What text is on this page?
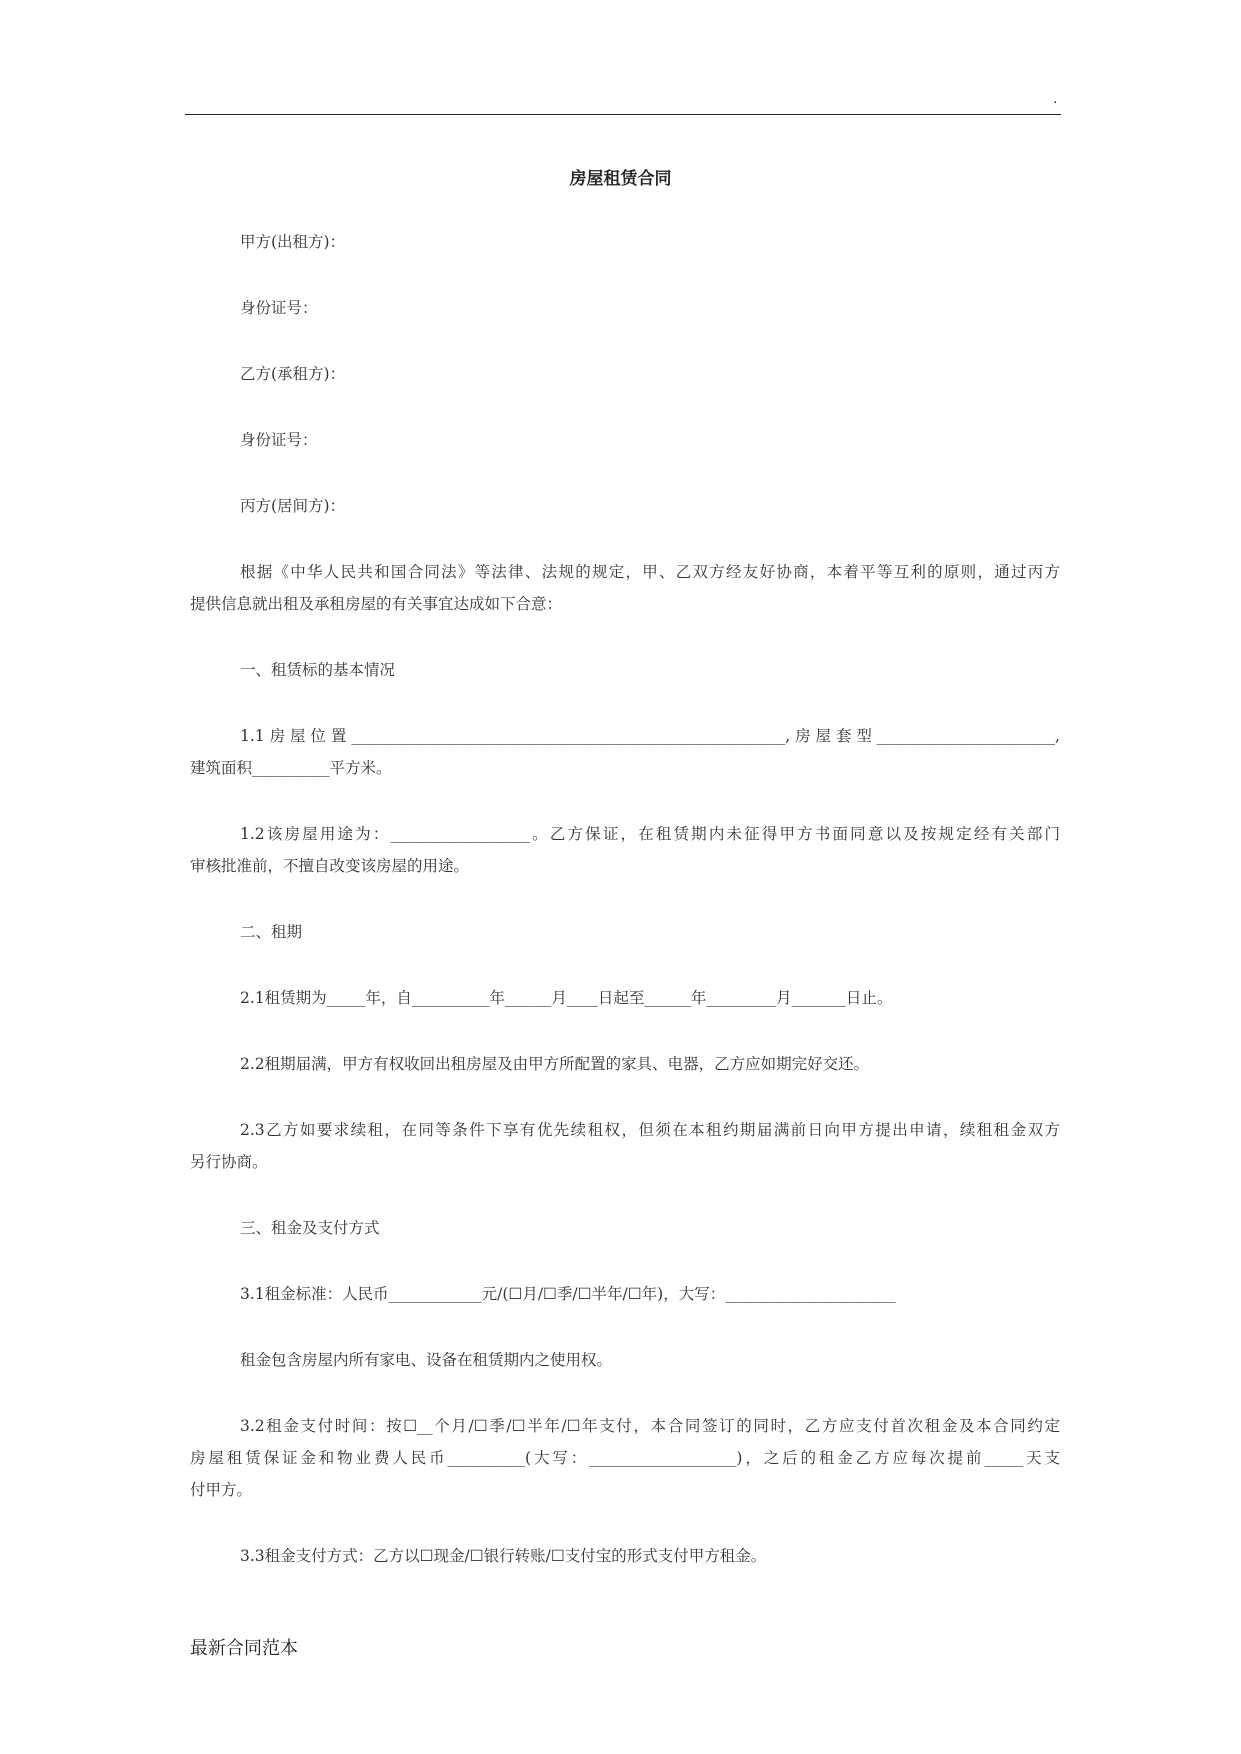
.
房屋租赁合同
甲方(出租方)：
身份证号：
乙方(承租方)：
身份证号：
丙方(居间方)：
根据《中华人民共和国合同法》等法律、法规的规定，甲、乙双方经友好协商，本着平等互利的原则，通过丙方
提供信息就出租及承租房屋的有关事宜达成如下合意：
一、租赁标的基本情况
1.1房屋位置________________________________________________________,房屋套型_______________________,
建筑面积__________平方米。
1.2该房屋用途为：__________________。乙方保证，在租赁期内未征得甲方书面同意以及按规定经有关部门
审核批准前，不擅自改变该房屋的用途。
二、租期
2.1租赁期为_____年，自__________年______月____日起至______年_________月_______日止。
2.2租期届满，甲方有权收回出租房屋及由甲方所配置的家具、电器，乙方应如期完好交还。
2.3乙方如要求续租，在同等条件下享有优先续租权，但须在本租约期届满前日向甲方提出申请，续租租金双方
另行协商。
三、租金及支付方式
3.1租金标准：人民币____________元/(☐月/☐季/☐半年/☐年)，大写：______________________
租金包含房屋内所有家电、设备在租赁期内之使用权。
3.2租金支付时间：按☐__个月/☐季/☐半年/☐年支付，本合同签订的同时，乙方应支付首次租金及本合同约定
房屋租赁保证金和物业费人民币__________(大写：___________________)，之后的租金乙方应每次提前_____天支
付甲方。
3.3租金支付方式：乙方以☐现金/☐银行转账/☐支付宝的形式支付甲方租金。
最新合同范本
